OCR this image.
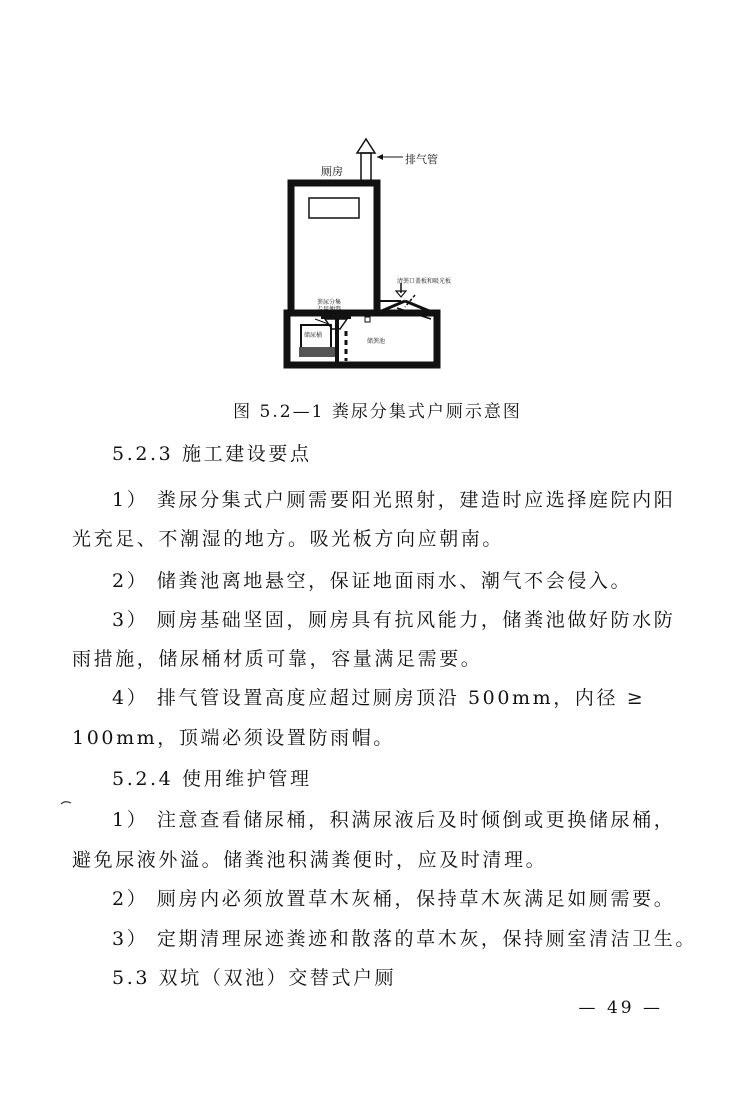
厕房
排气管
粪尿分集
专用便器
储尿桶
清粪口盖板和吸光板
储粪池
图 5.2—1 粪尿分集式户厕示意图
5.2.3 施工建设要点
1） 粪尿分集式户厕需要阳光照射，建造时应选择庭院内阳
光充足、不潮湿的地方。吸光板方向应朝南。
2） 储粪池离地悬空，保证地面雨水、潮气不会侵入。
3） 厕房基础坚固，厕房具有抗风能力，储粪池做好防水防
雨措施，储尿桶材质可靠，容量满足需要。
4） 排气管设置高度应超过厕房顶沿 500mm，内径 ≥
100mm，顶端必须设置防雨帽。
5.2.4 使用维护管理
1） 注意查看储尿桶，积满尿液后及时倾倒或更换储尿桶，
避免尿液外溢。储粪池积满粪便时，应及时清理。
2） 厕房内必须放置草木灰桶，保持草木灰满足如厕需要。
3） 定期清理尿迹粪迹和散落的草木灰，保持厕室清洁卫生。
5.3 双坑（双池）交替式户厕
— 49 —
